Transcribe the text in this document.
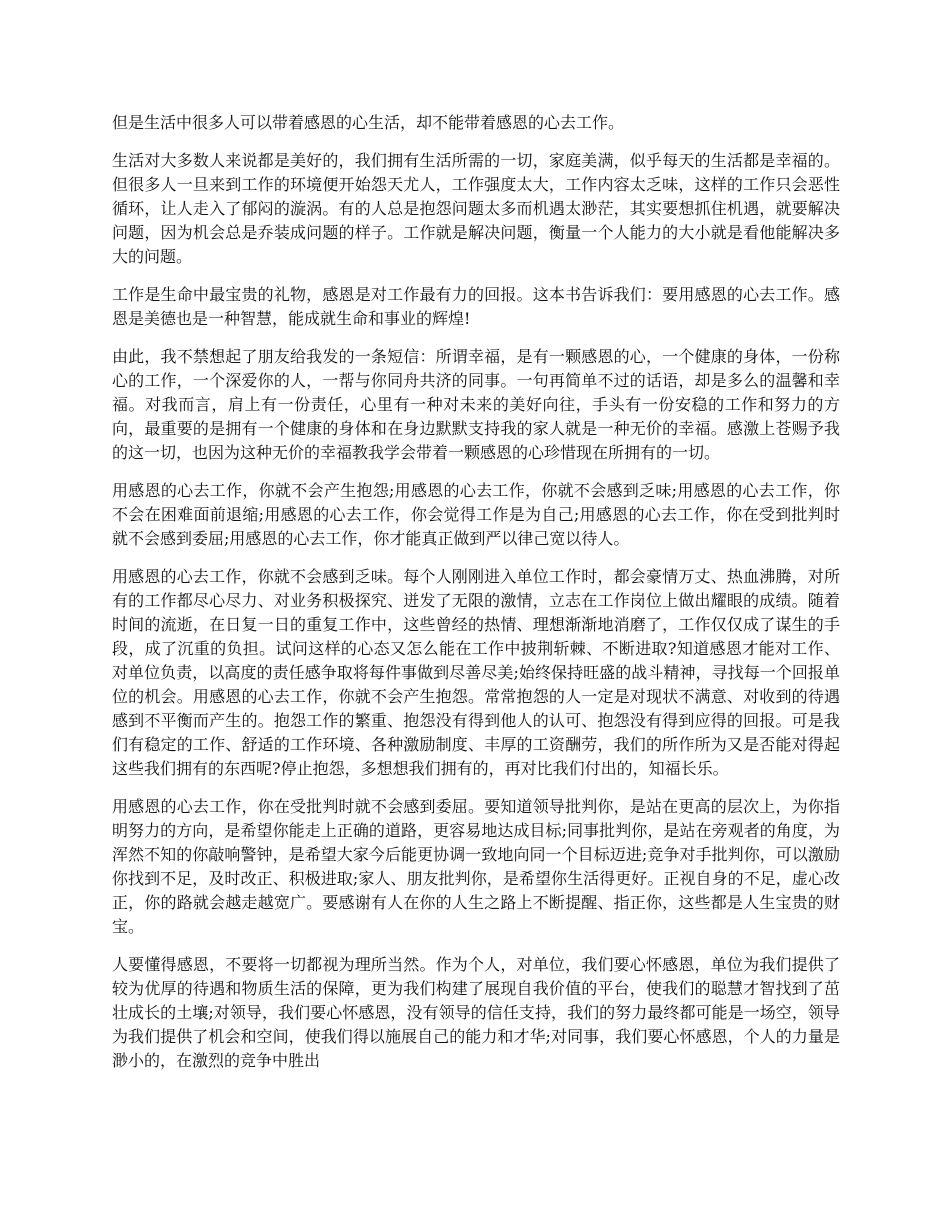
但是生活中很多人可以带着感恩的心生活，却不能带着感恩的心去工作。

生活对大多数人来说都是美好的，我们拥有生活所需的一切，家庭美满，似乎每天的生活都是幸福的。但很多人一旦来到工作的环境便开始怨天尤人，工作强度太大，工作内容太乏味，这样的工作只会恶性循环，让人走入了郁闷的漩涡。有的人总是抱怨问题太多而机遇太渺茫，其实要想抓住机遇，就要解决问题，因为机会总是乔装成问题的样子。工作就是解决问题，衡量一个人能力的大小就是看他能解决多大的问题。

工作是生命中最宝贵的礼物，感恩是对工作最有力的回报。这本书告诉我们：要用感恩的心去工作。感恩是美德也是一种智慧，能成就生命和事业的辉煌!

由此，我不禁想起了朋友给我发的一条短信：所谓幸福，是有一颗感恩的心，一个健康的身体，一份称心的工作，一个深爱你的人，一帮与你同舟共济的同事。一句再简单不过的话语，却是多么的温馨和幸福。对我而言，肩上有一份责任，心里有一种对未来的美好向往，手头有一份安稳的工作和努力的方向，最重要的是拥有一个健康的身体和在身边默默支持我的家人就是一种无价的幸福。感激上苍赐予我的这一切，也因为这种无价的幸福教我学会带着一颗感恩的心珍惜现在所拥有的一切。

用感恩的心去工作，你就不会产生抱怨;用感恩的心去工作，你就不会感到乏味;用感恩的心去工作，你不会在困难面前退缩;用感恩的心去工作，你会觉得工作是为自己;用感恩的心去工作，你在受到批判时就不会感到委屈;用感恩的心去工作，你才能真正做到严以律己宽以待人。

用感恩的心去工作，你就不会感到乏味。每个人刚刚进入单位工作时，都会豪情万丈、热血沸腾，对所有的工作都尽心尽力、对业务积极探究、迸发了无限的激情，立志在工作岗位上做出耀眼的成绩。随着时间的流逝，在日复一日的重复工作中，这些曾经的热情、理想渐渐地消磨了，工作仅仅成了谋生的手段，成了沉重的负担。试问这样的心态又怎么能在工作中披荆斩棘、不断进取?知道感恩才能对工作、对单位负责，以高度的责任感争取将每件事做到尽善尽美;始终保持旺盛的战斗精神，寻找每一个回报单位的机会。用感恩的心去工作，你就不会产生抱怨。常常抱怨的人一定是对现状不满意、对收到的待遇感到不平衡而产生的。抱怨工作的繁重、抱怨没有得到他人的认可、抱怨没有得到应得的回报。可是我们有稳定的工作、舒适的工作环境、各种激励制度、丰厚的工资酬劳，我们的所作所为又是否能对得起这些我们拥有的东西呢?停止抱怨，多想想我们拥有的，再对比我们付出的，知福长乐。

用感恩的心去工作，你在受批判时就不会感到委屈。要知道领导批判你，是站在更高的层次上，为你指明努力的方向，是希望你能走上正确的道路，更容易地达成目标;同事批判你，是站在旁观者的角度，为浑然不知的你敲响警钟，是希望大家今后能更协调一致地向同一个目标迈进;竞争对手批判你，可以激励你找到不足，及时改正、积极进取;家人、朋友批判你，是希望你生活得更好。正视自身的不足，虚心改正，你的路就会越走越宽广。要感谢有人在你的人生之路上不断提醒、指正你，这些都是人生宝贵的财宝。

人要懂得感恩，不要将一切都视为理所当然。作为个人，对单位，我们要心怀感恩，单位为我们提供了较为优厚的待遇和物质生活的保障，更为我们构建了展现自我价值的平台，使我们的聪慧才智找到了茁壮成长的土壤;对领导，我们要心怀感恩，没有领导的信任支持，我们的努力最终都可能是一场空，领导为我们提供了机会和空间，使我们得以施展自己的能力和才华;对同事，我们要心怀感恩，个人的力量是渺小的，在激烈的竞争中胜出
